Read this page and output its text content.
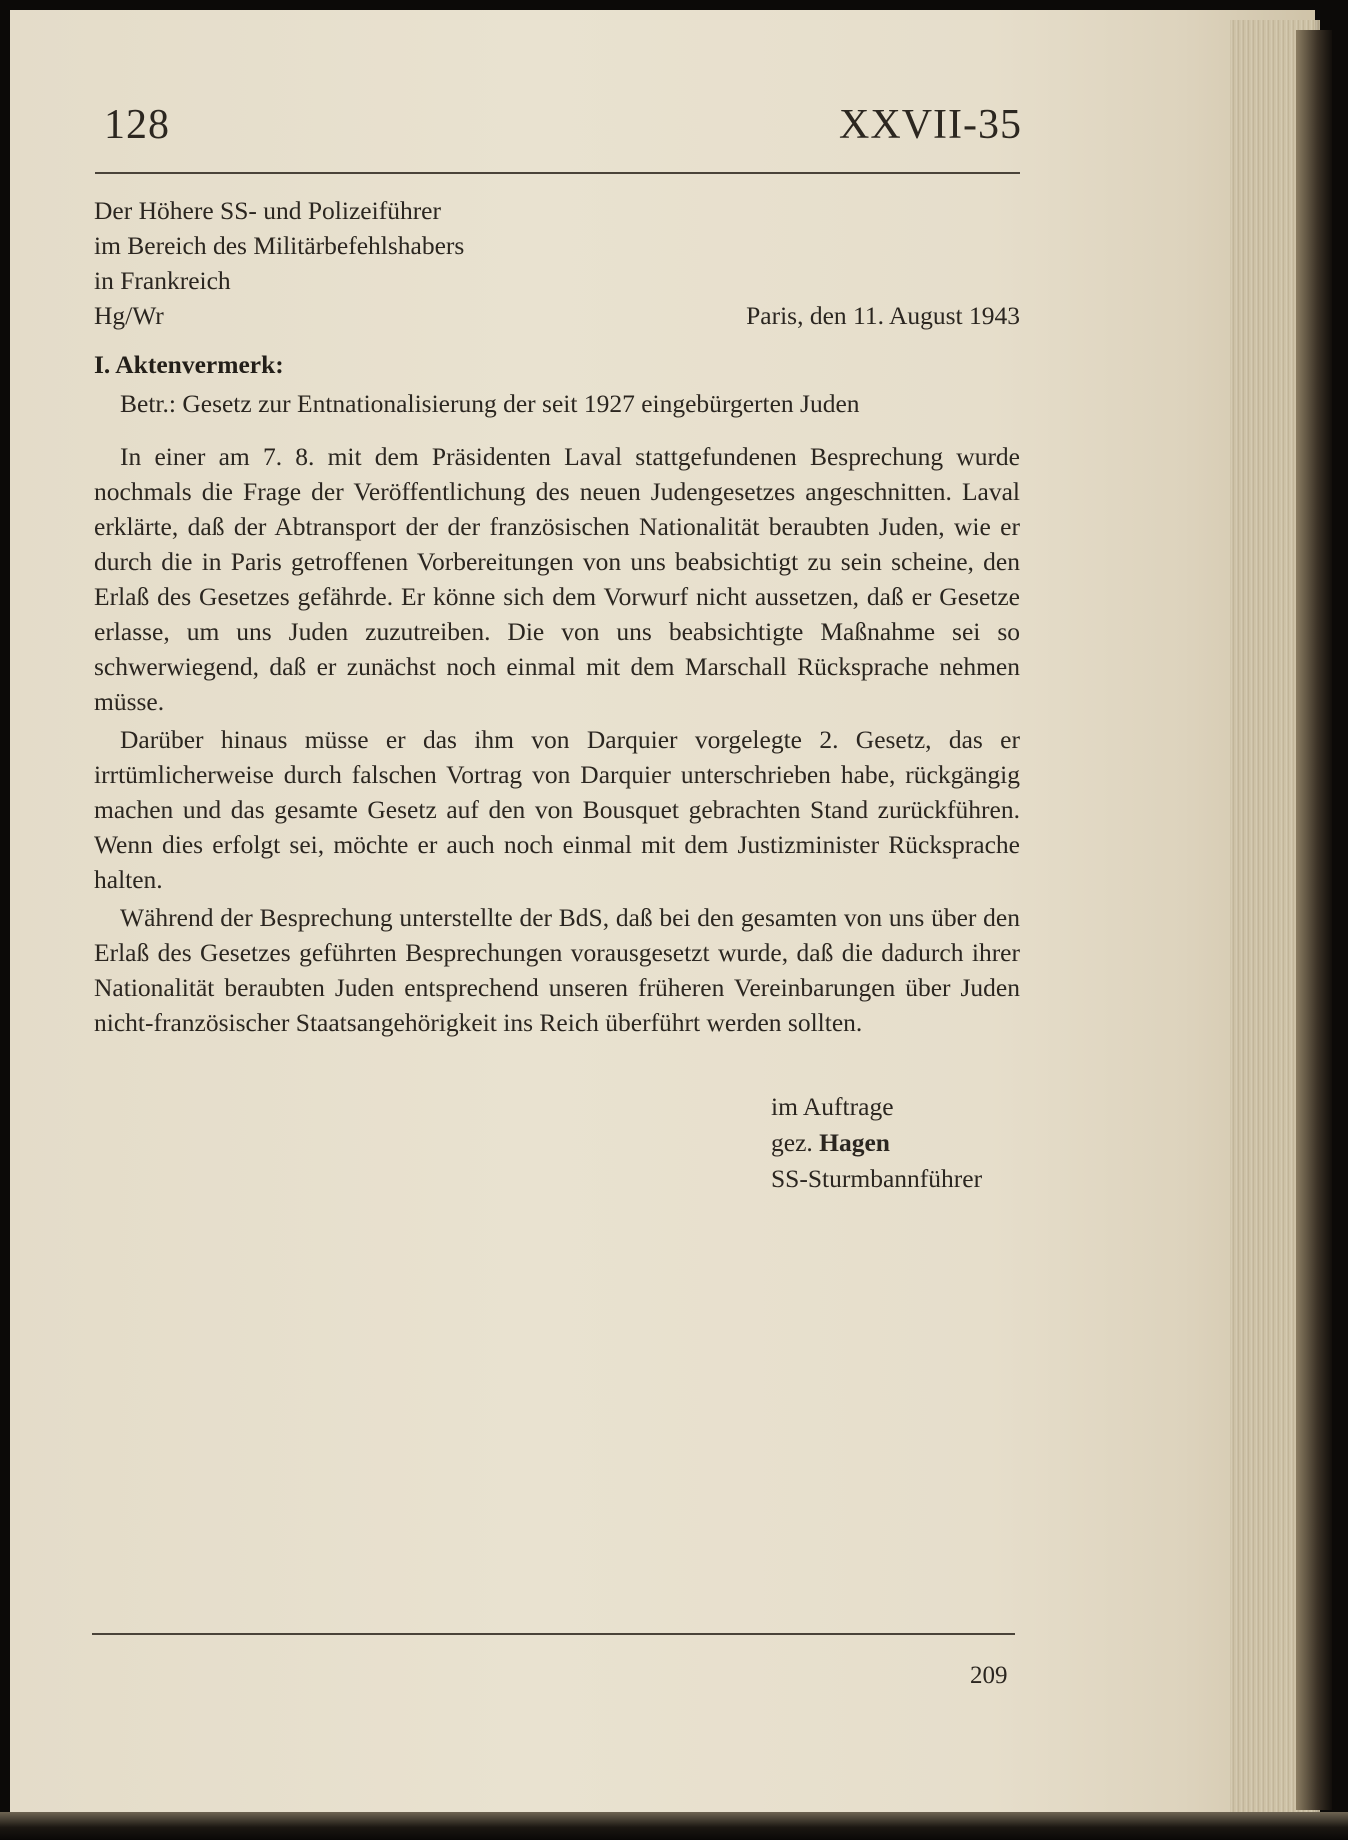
128	XXVII-35
Der Höhere SS- und Polizeiführer
im Bereich des Militärbefehlshabers
in Frankreich
Hg/Wr	Paris, den 11. August 1943
I. Aktenvermerk:
Betr.: Gesetz zur Entnationalisierung der seit 1927 eingebürgerten Juden

In einer am 7. 8. mit dem Präsidenten Laval stattgefundenen Besprechung wurde nochmals die Frage der Veröffentlichung des neuen Judengesetzes angeschnitten. Laval erklärte, daß der Abtransport der der französischen Nationalität beraubten Juden, wie er durch die in Paris getroffenen Vorbereitungen von uns beabsichtigt zu sein scheine, den Erlaß des Gesetzes gefährde. Er könne sich dem Vorwurf nicht aussetzen, daß er Gesetze erlasse, um uns Juden zuzutreiben. Die von uns beabsichtigte Maßnahme sei so schwerwiegend, daß er zunächst noch einmal mit dem Marschall Rücksprache nehmen müsse.

Darüber hinaus müsse er das ihm von Darquier vorgelegte 2. Gesetz, das er irrtümlicherweise durch falschen Vortrag von Darquier unterschrieben habe, rückgängig machen und das gesamte Gesetz auf den von Bousquet gebrachten Stand zurückführen. Wenn dies erfolgt sei, möchte er auch noch einmal mit dem Justizminister Rücksprache halten.

Während der Besprechung unterstellte der BdS, daß bei den gesamten von uns über den Erlaß des Gesetzes geführten Besprechungen vorausgesetzt wurde, daß die dadurch ihrer Nationalität beraubten Juden entsprechend unseren früheren Vereinbarungen über Juden nicht-französischer Staatsangehörigkeit ins Reich überführt werden sollten.

im Auftrage
gez. Hagen
SS-Sturmbannführer
209
